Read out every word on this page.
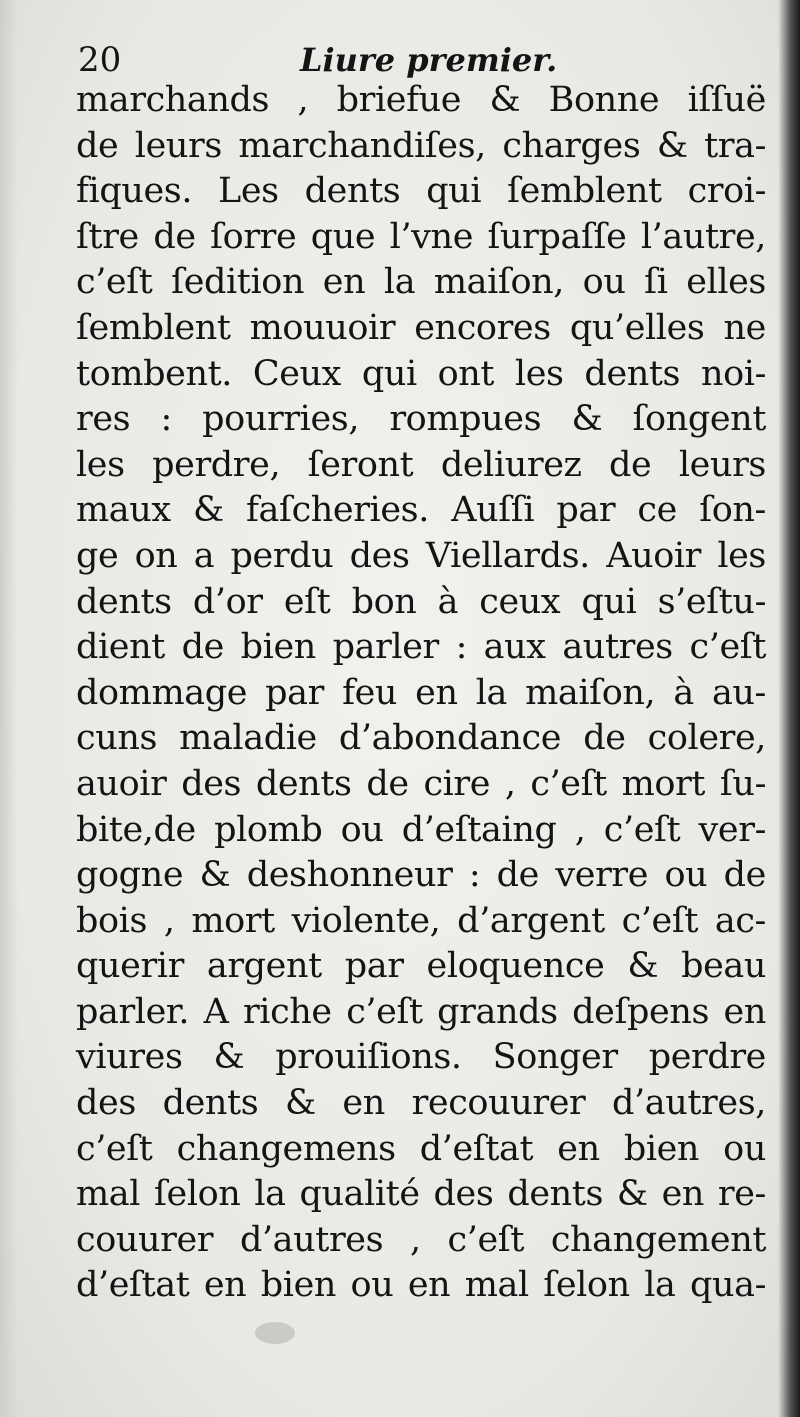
20	Liure premier.
marchands , briefue & Bonne iſſuë
de leurs marchandiſes, charges & tra-
fiques. Les dents qui ſemblent croi-
ſtre de ſorre que l’vne ſurpaſſe l’autre,
c’eſt ſedition en la maiſon, ou ſi elles
ſemblent mouuoir encores qu’elles ne
tombent. Ceux qui ont les dents noi-
res : pourries, rompues & ſongent
les perdre, ſeront deliurez de leurs
maux & faſcheries. Auſſi par ce ſon-
ge on a perdu des Viellards. Auoir les
dents d’or eſt bon à ceux qui s’eſtu-
dient de bien parler : aux autres c’eſt
dommage par feu en la maiſon, à au-
cuns maladie d’abondance de colere,
auoir des dents de cire , c’eſt mort ſu-
bite,de plomb ou d’eſtaing , c’eſt ver-
gogne & deshonneur : de verre ou de
bois , mort violente, d’argent c’eſt ac-
querir argent par eloquence & beau
parler. A riche c’eſt grands deſpens en
viures & prouiſions. Songer perdre
des dents & en recouurer d’autres,
c’eſt changemens d’eſtat en bien ou
mal ſelon la qualité des dents & en re-
couurer d’autres , c’eſt changement
d’eſtat en bien ou en mal ſelon la qua-
